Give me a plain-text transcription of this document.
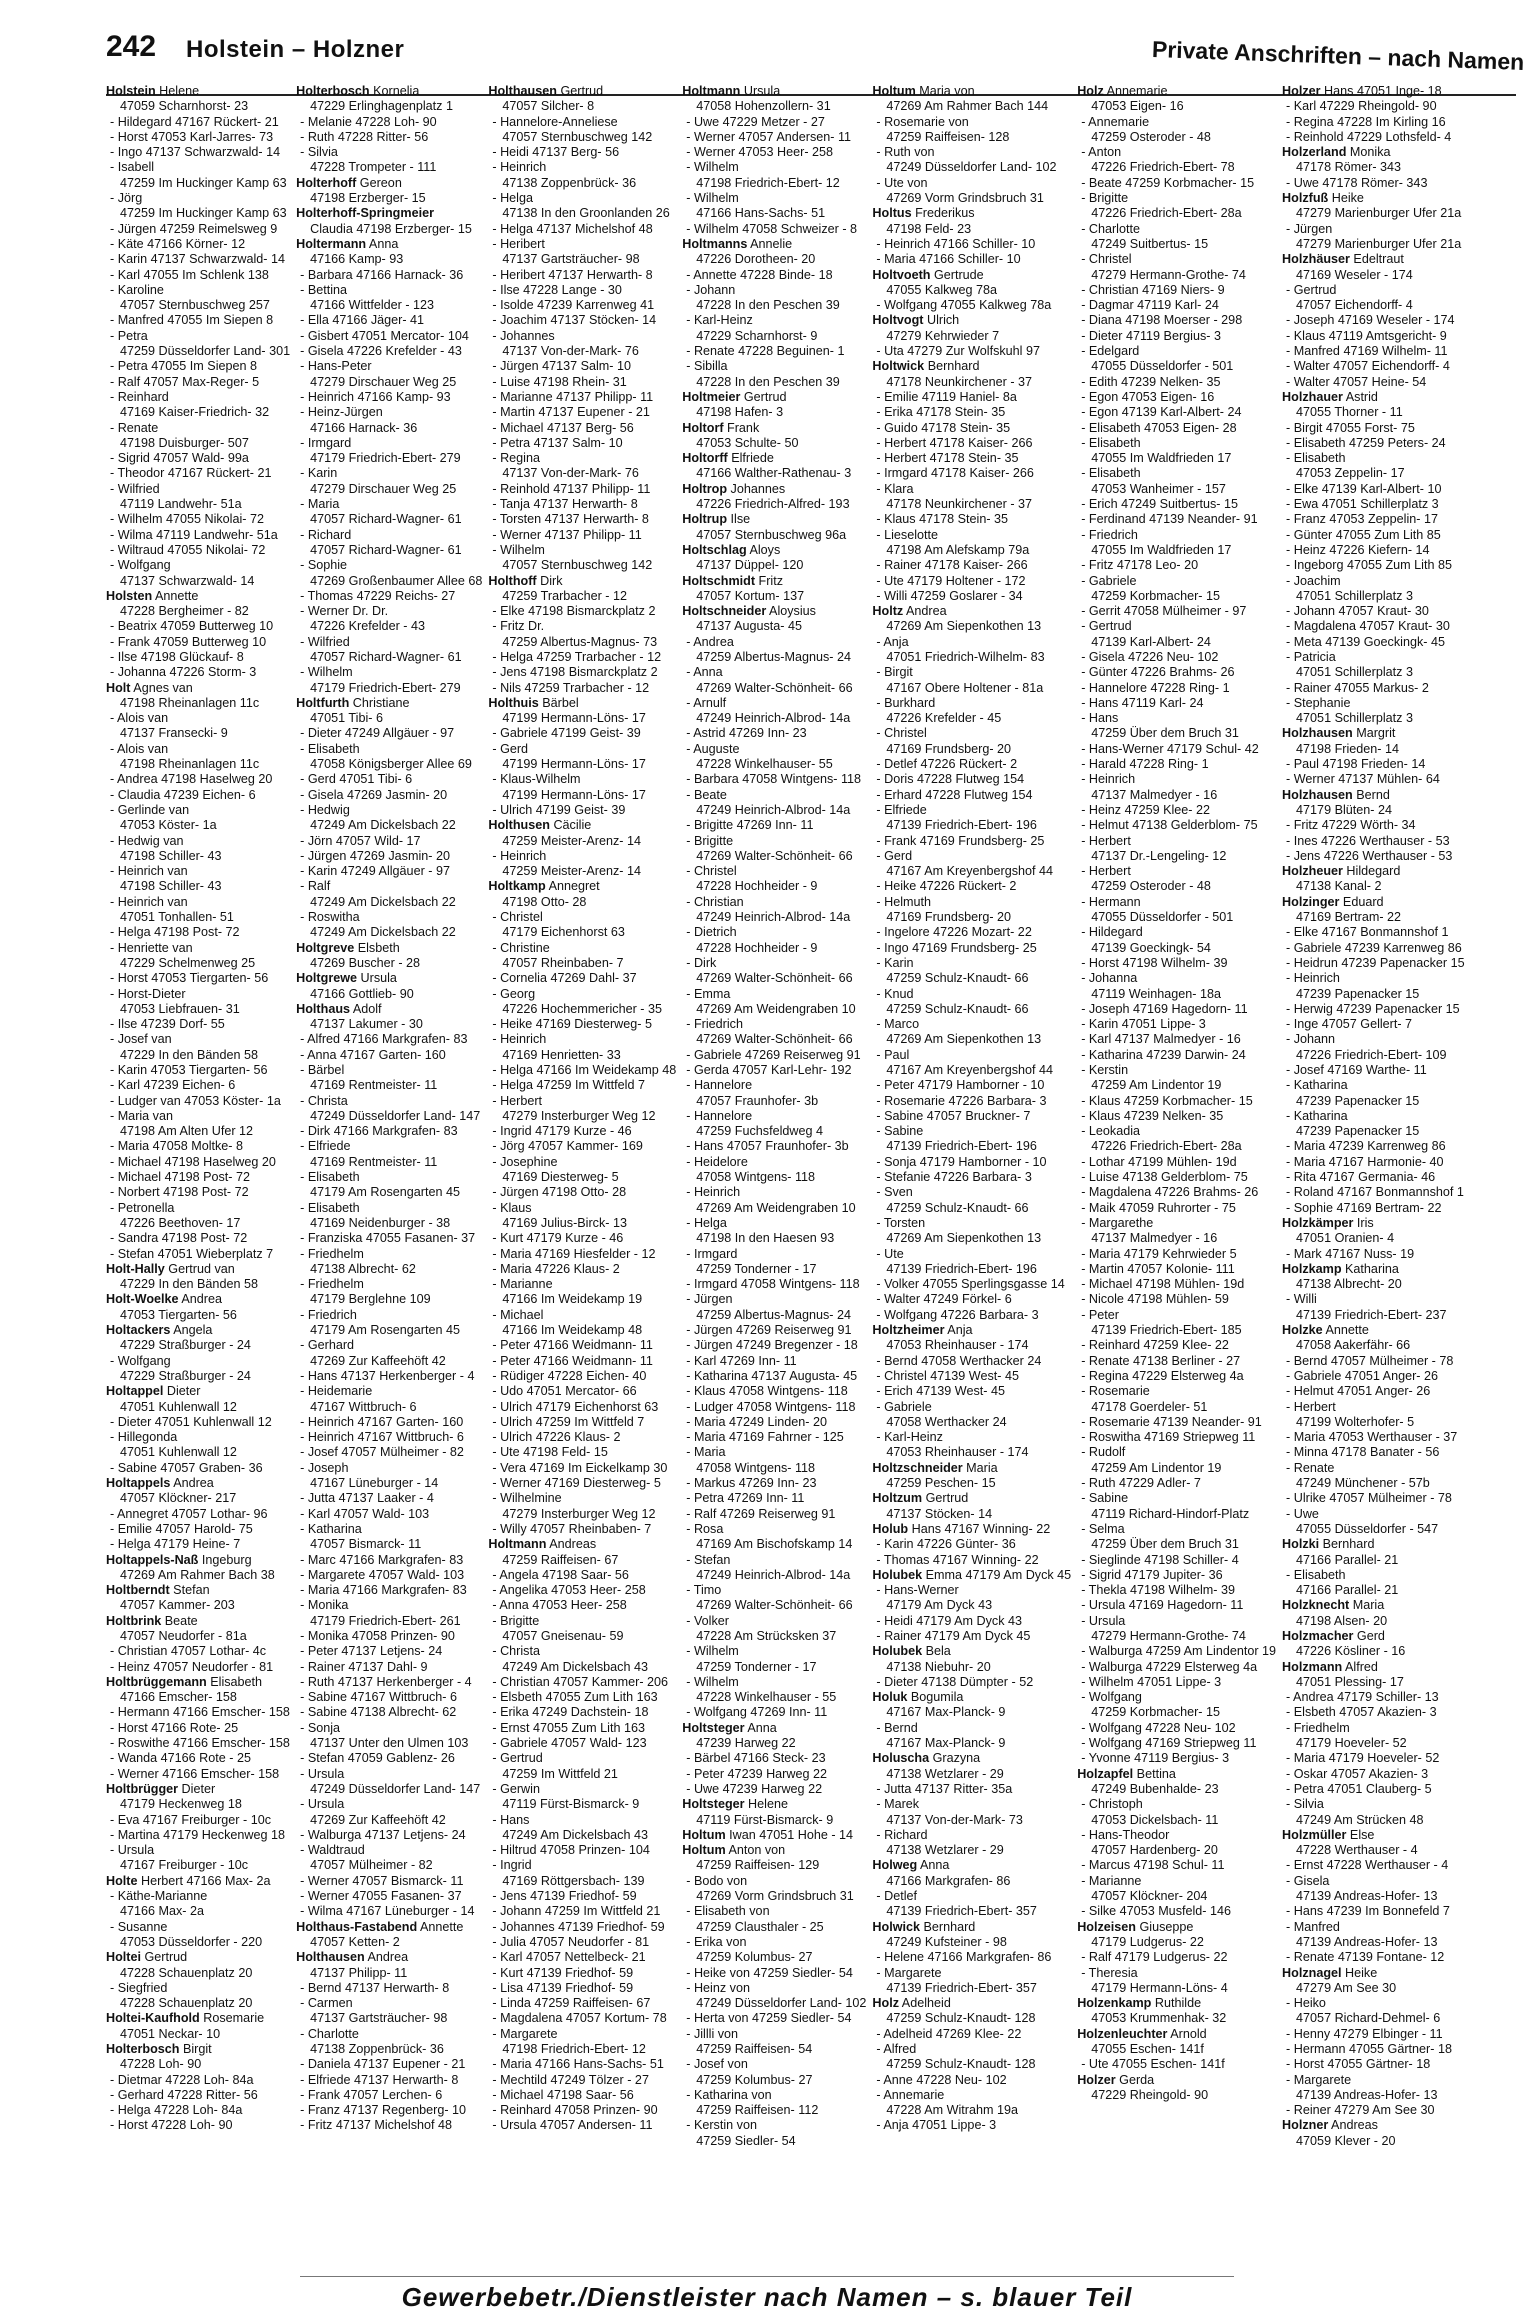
242 Holstein – Holzner	Private Anschriften – nach Namen
Holstein Helene
47059 Scharnhorst- 23
- Hildegard 47167 Rückert- 21
- Horst 47053 Karl-Jarres- 73
- Ingo 47137 Schwarzwald- 14
- Isabell
47259 Im Huckinger Kamp 63
- Jörg
47259 Im Huckinger Kamp 63
- Jürgen 47259 Reimelsweg 9
- Käte 47166 Körner- 12
- Karin 47137 Schwarzwald- 14
- Karl 47055 Im Schlenk 138
- Karoline
47057 Sternbuschweg 257
- Manfred 47055 Im Siepen 8
- Petra
47259 Düsseldorfer Land- 301
- Petra 47055 Im Siepen 8
- Ralf 47057 Max-Reger- 5
- Reinhard
47169 Kaiser-Friedrich- 32
- Renate
47198 Duisburger- 507
- Sigrid 47057 Wald- 99a
- Theodor 47167 Rückert- 21
- Wilfried
47119 Landwehr- 51a
- Wilhelm 47055 Nikolai- 72
- Wilma 47119 Landwehr- 51a
- Wiltraud 47055 Nikolai- 72
- Wolfgang
47137 Schwarzwald- 14
Holsten Annette
47228 Bergheimer - 82
- Beatrix 47059 Butterweg 10
- Frank 47059 Butterweg 10
- Ilse 47198 Glückauf- 8
- Johanna 47226 Storm- 3
Holt Agnes van
47198 Rheinanlagen 11c
- Alois van
47137 Fransecki- 9
- Alois van
47198 Rheinanlagen 11c
- Andrea 47198 Haselweg 20
- Claudia 47239 Eichen- 6
- Gerlinde van
47053 Köster- 1a
- Hedwig van
47198 Schiller- 43
- Heinrich van
47198 Schiller- 43
- Heinrich van
47051 Tonhallen- 51
- Helga 47198 Post- 72
- Henriette van
47229 Schelmenweg 25
- Horst 47053 Tiergarten- 56
- Horst-Dieter
47053 Liebfrauen- 31
- Ilse 47239 Dorf- 55
- Josef van
47229 In den Bänden 58
- Karin 47053 Tiergarten- 56
- Karl 47239 Eichen- 6
- Ludger van 47053 Köster- 1a
- Maria van
47198 Am Alten Ufer 12
- Maria 47058 Moltke- 8
- Michael 47198 Haselweg 20
- Michael 47198 Post- 72
- Norbert 47198 Post- 72
- Petronella
47226 Beethoven- 17
- Sandra 47198 Post- 72
- Stefan 47051 Wieberplatz 7
Holt-Hally Gertrud van
47229 In den Bänden 58
Holt-Woelke Andrea
47053 Tiergarten- 56
Holtackers Angela
47229 Straßburger - 24
- Wolfgang
47229 Straßburger - 24
Holtappel Dieter
47051 Kuhlenwall 12
- Dieter 47051 Kuhlenwall 12
- Hillegonda
47051 Kuhlenwall 12
- Sabine 47057 Graben- 36
Holtappels Andrea
47057 Klöckner- 217
- Annegret 47057 Lothar- 96
- Emilie 47057 Harold- 75
- Helga 47179 Heine- 7
Holtappels-Naß Ingeburg
47269 Am Rahmer Bach 38
Holtberndt Stefan
47057 Kammer- 203
Holtbrink Beate
47057 Neudorfer - 81a
- Christian 47057 Lothar- 4c
- Heinz 47057 Neudorfer - 81
Holtbrüggemann Elisabeth
47166 Emscher- 158
- Hermann 47166 Emscher- 158
- Horst 47166 Rote- 25
- Roswithe 47166 Emscher- 158
- Wanda 47166 Rote - 25
- Werner 47166 Emscher- 158
Holtbrügger Dieter
47179 Heckenweg 18
- Eva 47167 Freiburger - 10c
- Martina 47179 Heckenweg 18
- Ursula
47167 Freiburger - 10c
Holte Herbert 47166 Max- 2a
- Käthe-Marianne
47166 Max- 2a
- Susanne
47053 Düsseldorfer - 220
Holtei Gertrud
47228 Schauenplatz 20
- Siegfried
47228 Schauenplatz 20
Holtei-Kaufhold Rosemarie
47051 Neckar- 10
Holterbosch Birgit
47228 Loh- 90
- Dietmar 47228 Loh- 84a
- Gerhard 47228 Ritter- 56
- Helga 47228 Loh- 84a
- Horst 47228 Loh- 90
Holterbosch Kornelia
47229 Erlinghagenplatz 1
- Melanie 47228 Loh- 90
- Ruth 47228 Ritter- 56
- Silvia
47228 Trompeter - 111
Holterhoff Gereon
47198 Erzberger- 15
Holterhoff-Springmeier
Claudia 47198 Erzberger- 15
Holtermann Anna
47166 Kamp- 93
- Barbara 47166 Harnack- 36
- Bettina
47166 Wittfelder - 123
- Ella 47166 Jäger- 41
- Gisbert 47051 Mercator- 104
- Gisela 47226 Krefelder - 43
- Hans-Peter
47279 Dirschauer Weg 25
- Heinrich 47166 Kamp- 93
- Heinz-Jürgen
47166 Harnack- 36
- Irmgard
47179 Friedrich-Ebert- 279
- Karin
47279 Dirschauer Weg 25
- Maria
47057 Richard-Wagner- 61
- Richard
47057 Richard-Wagner- 61
- Sophie
47269 Großenbaumer Allee 68
- Thomas 47229 Reichs- 27
- Werner Dr. Dr.
47226 Krefelder - 43
- Wilfried
47057 Richard-Wagner- 61
- Wilhelm
47179 Friedrich-Ebert- 279
Holtfurth Christiane
47051 Tibi- 6
- Dieter 47249 Allgäuer - 97
- Elisabeth
47058 Königsberger Allee 69
- Gerd 47051 Tibi- 6
- Gisela 47269 Jasmin- 20
- Hedwig
47249 Am Dickelsbach 22
- Jörn 47057 Wild- 17
- Jürgen 47269 Jasmin- 20
- Karin 47249 Allgäuer - 97
- Ralf
47249 Am Dickelsbach 22
- Roswitha
47249 Am Dickelsbach 22
Holtgreve Elsbeth
47269 Buscher - 28
Holtgrewe Ursula
47166 Gottlieb- 90
Holthaus Adolf
47137 Lakumer - 30
- Alfred 47166 Markgrafen- 83
- Anna 47167 Garten- 160
- Bärbel
47169 Rentmeister- 11
- Christa
47249 Düsseldorfer Land- 147
- Dirk 47166 Markgrafen- 83
- Elfriede
47169 Rentmeister- 11
- Elisabeth
47179 Am Rosengarten 45
- Elisabeth
47169 Neidenburger - 38
- Franziska 47055 Fasanen- 37
- Friedhelm
47138 Albrecht- 62
- Friedhelm
47179 Berglehne 109
- Friedrich
47179 Am Rosengarten 45
- Gerhard
47269 Zur Kaffeehöft 42
- Hans 47137 Herkenberger - 4
- Heidemarie
47167 Wittbruch- 6
- Heinrich 47167 Garten- 160
- Heinrich 47167 Wittbruch- 6
- Josef 47057 Mülheimer - 82
- Joseph
47167 Lüneburger - 14
- Jutta 47137 Laaker - 4
- Karl 47057 Wald- 103
- Katharina
47057 Bismarck- 11
- Marc 47166 Markgrafen- 83
- Margarete 47057 Wald- 103
- Maria 47166 Markgrafen- 83
- Monika
47179 Friedrich-Ebert- 261
- Monika 47058 Prinzen- 90
- Peter 47137 Letjens- 24
- Rainer 47137 Dahl- 9
- Ruth 47137 Herkenberger - 4
- Sabine 47167 Wittbruch- 6
- Sabine 47138 Albrecht- 62
- Sonja
47137 Unter den Ulmen 103
- Stefan 47059 Gablenz- 26
- Ursula
47249 Düsseldorfer Land- 147
- Ursula
47269 Zur Kaffeehöft 42
- Walburga 47137 Letjens- 24
- Waldtraud
47057 Mülheimer - 82
- Werner 47057 Bismarck- 11
- Werner 47055 Fasanen- 37
- Wilma 47167 Lüneburger - 14
Holthaus-Fastabend Annette
47057 Ketten- 2
Holthausen Andrea
47137 Philipp- 11
- Bernd 47137 Herwarth- 8
- Carmen
47137 Gartsträucher- 98
- Charlotte
47138 Zoppenbrück- 36
- Daniela 47137 Eupener - 21
- Elfriede 47137 Herwarth- 8
- Frank 47057 Lerchen- 6
- Franz 47137 Regenberg- 10
- Fritz 47137 Michelshof 48
Holthausen Gertrud
47057 Silcher- 8
- Hannelore-Anneliese
47057 Sternbuschweg 142
- Heidi 47137 Berg- 56
- Heinrich
47138 Zoppenbrück- 36
- Helga
47138 In den Groonlanden 26
- Helga 47137 Michelshof 48
- Heribert
47137 Gartsträucher- 98
- Heribert 47137 Herwarth- 8
- Ilse 47228 Lange - 30
- Isolde 47239 Karrenweg 41
- Joachim 47137 Stöcken- 14
- Johannes
47137 Von-der-Mark- 76
- Jürgen 47137 Salm- 10
- Luise 47198 Rhein- 31
- Marianne 47137 Philipp- 11
- Martin 47137 Eupener - 21
- Michael 47137 Berg- 56
- Petra 47137 Salm- 10
- Regina
47137 Von-der-Mark- 76
- Reinhold 47137 Philipp- 11
- Tanja 47137 Herwarth- 8
- Torsten 47137 Herwarth- 8
- Werner 47137 Philipp- 11
- Wilhelm
47057 Sternbuschweg 142
Holthoff Dirk
47259 Trarbacher - 12
- Elke 47198 Bismarckplatz 2
- Fritz Dr.
47259 Albertus-Magnus- 73
- Helga 47259 Trarbacher - 12
- Jens 47198 Bismarckplatz 2
- Nils 47259 Trarbacher - 12
Holthuis Bärbel
47199 Hermann-Löns- 17
- Gabriele 47199 Geist- 39
- Gerd
47199 Hermann-Löns- 17
- Klaus-Wilhelm
47199 Hermann-Löns- 17
- Ulrich 47199 Geist- 39
Holthusen Cäcilie
47259 Meister-Arenz- 14
- Heinrich
47259 Meister-Arenz- 14
Holtkamp Annegret
47198 Otto- 28
- Christel
47179 Eichenhorst 63
- Christine
47057 Rheinbaben- 7
- Cornelia 47269 Dahl- 37
- Georg
47226 Hochemmericher - 35
- Heike 47169 Diesterweg- 5
- Heinrich
47169 Henrietten- 33
- Helga 47166 Im Weidekamp 48
- Helga 47259 Im Wittfeld 7
- Herbert
47279 Insterburger Weg 12
- Ingrid 47179 Kurze - 46
- Jörg 47057 Kammer- 169
- Josephine
47169 Diesterweg- 5
- Jürgen 47198 Otto- 28
- Klaus
47169 Julius-Birck- 13
- Kurt 47179 Kurze - 46
- Maria 47169 Hiesfelder - 12
- Maria 47226 Klaus- 2
- Marianne
47166 Im Weidekamp 19
- Michael
47166 Im Weidekamp 48
- Peter 47166 Weidmann- 11
- Peter 47166 Weidmann- 11
- Rüdiger 47228 Eichen- 40
- Udo 47051 Mercator- 66
- Ulrich 47179 Eichenhorst 63
- Ulrich 47259 Im Wittfeld 7
- Ulrich 47226 Klaus- 2
- Ute 47198 Feld- 15
- Vera 47169 Im Eickelkamp 30
- Werner 47169 Diesterweg- 5
- Wilhelmine
47279 Insterburger Weg 12
- Willy 47057 Rheinbaben- 7
Holtmann Andreas
47259 Raiffeisen- 67
- Angela 47198 Saar- 56
- Angelika 47053 Heer- 258
- Anna 47053 Heer- 258
- Brigitte
47057 Gneisenau- 59
- Christa
47249 Am Dickelsbach 43
- Christian 47057 Kammer- 206
- Elsbeth 47055 Zum Lith 163
- Erika 47249 Dachstein- 18
- Ernst 47055 Zum Lith 163
- Gabriele 47057 Wald- 123
- Gertrud
47259 Im Wittfeld 21
- Gerwin
47119 Fürst-Bismarck- 9
- Hans
47249 Am Dickelsbach 43
- Hiltrud 47058 Prinzen- 104
- Ingrid
47169 Röttgersbach- 139
- Jens 47139 Friedhof- 59
- Johann 47259 Im Wittfeld 21
- Johannes 47139 Friedhof- 59
- Julia 47057 Neudorfer - 81
- Karl 47057 Nettelbeck- 21
- Kurt 47139 Friedhof- 59
- Lisa 47139 Friedhof- 59
- Linda 47259 Raiffeisen- 67
- Magdalena 47057 Kortum- 78
- Margarete
47198 Friedrich-Ebert- 12
- Maria 47166 Hans-Sachs- 51
- Mechtild 47249 Tölzer - 27
- Michael 47198 Saar- 56
- Reinhard 47058 Prinzen- 90
- Ursula 47057 Andersen- 11
Holtmann Ursula
47058 Hohenzollern- 31
- Uwe 47229 Metzer - 27
- Werner 47057 Andersen- 11
- Werner 47053 Heer- 258
- Wilhelm
47198 Friedrich-Ebert- 12
- Wilhelm
47166 Hans-Sachs- 51
- Wilhelm 47058 Schweizer - 8
Holtmanns Annelie
47226 Dorotheen- 20
- Annette 47228 Binde- 18
- Johann
47228 In den Peschen 39
- Karl-Heinz
47229 Scharnhorst- 9
- Renate 47228 Beguinen- 1
- Sibilla
47228 In den Peschen 39
Holtmeier Gertrud
47198 Hafen- 3
Holtorf Frank
47053 Schulte- 50
Holtorff Elfriede
47166 Walther-Rathenau- 3
Holtrop Johannes
47226 Friedrich-Alfred- 193
Holtrup Ilse
47057 Sternbuschweg 96a
Holtschlag Aloys
47137 Düppel- 120
Holtschmidt Fritz
47057 Kortum- 137
Holtschneider Aloysius
47137 Augusta- 45
- Andrea
47259 Albertus-Magnus- 24
- Anna
47269 Walter-Schönheit- 66
- Arnulf
47249 Heinrich-Albrod- 14a
- Astrid 47269 Inn- 23
- Auguste
47228 Winkelhauser- 55
- Barbara 47058 Wintgens- 118
- Beate
47249 Heinrich-Albrod- 14a
- Brigitte 47269 Inn- 11
- Brigitte
47269 Walter-Schönheit- 66
- Christel
47228 Hochheider - 9
- Christian
47249 Heinrich-Albrod- 14a
- Dietrich
47228 Hochheider - 9
- Dirk
47269 Walter-Schönheit- 66
- Emma
47269 Am Weidengraben 10
- Friedrich
47269 Walter-Schönheit- 66
- Gabriele 47269 Reiserweg 91
- Gerda 47057 Karl-Lehr- 192
- Hannelore
47057 Fraunhofer- 3b
- Hannelore
47259 Fuchsfeldweg 4
- Hans 47057 Fraunhofer- 3b
- Heidelore
47058 Wintgens- 118
- Heinrich
47269 Am Weidengraben 10
- Helga
47198 In den Haesen 93
- Irmgard
47259 Tonderner - 17
- Irmgard 47058 Wintgens- 118
- Jürgen
47259 Albertus-Magnus- 24
- Jürgen 47269 Reiserweg 91
- Jürgen 47249 Bregenzer - 18
- Karl 47269 Inn- 11
- Katharina 47137 Augusta- 45
- Klaus 47058 Wintgens- 118
- Ludger 47058 Wintgens- 118
- Maria 47249 Linden- 20
- Maria 47169 Fahrner - 125
- Maria
47058 Wintgens- 118
- Markus 47269 Inn- 23
- Petra 47269 Inn- 11
- Ralf 47269 Reiserweg 91
- Rosa
47169 Am Bischofskamp 14
- Stefan
47249 Heinrich-Albrod- 14a
- Timo
47269 Walter-Schönheit- 66
- Volker
47228 Am Strücksken 37
- Wilhelm
47259 Tonderner - 17
- Wilhelm
47228 Winkelhauser - 55
- Wolfgang 47269 Inn- 11
Holtsteger Anna
47239 Harweg 22
- Bärbel 47166 Steck- 23
- Peter 47239 Harweg 22
- Uwe 47239 Harweg 22
Holtsteger Helene
47119 Fürst-Bismarck- 9
Holtum Iwan 47051 Hohe - 14
Holtum Anton von
47259 Raiffeisen- 129
- Bodo von
47269 Vorm Grindsbruch 31
- Elisabeth von
47259 Clausthaler - 25
- Erika von
47259 Kolumbus- 27
- Heike von 47259 Siedler- 54
- Heinz von
47249 Düsseldorfer Land- 102
- Herta von 47259 Siedler- 54
- Jillli von
47259 Raiffeisen- 54
- Josef von
47259 Kolumbus- 27
- Katharina von
47259 Raiffeisen- 112
- Kerstin von
47259 Siedler- 54
Holtum Maria von
47269 Am Rahmer Bach 144
- Rosemarie von
47259 Raiffeisen- 128
- Ruth von
47249 Düsseldorfer Land- 102
- Ute von
47269 Vorm Grindsbruch 31
Holtus Frederikus
47198 Feld- 23
- Heinrich 47166 Schiller- 10
- Maria 47166 Schiller- 10
Holtvoeth Gertrude
47055 Kalkweg 78a
- Wolfgang 47055 Kalkweg 78a
Holtvogt Ulrich
47279 Kehrwieder 7
- Uta 47279 Zur Wolfskuhl 97
Holtwick Bernhard
47178 Neunkirchener - 37
- Emilie 47119 Haniel- 8a
- Erika 47178 Stein- 35
- Guido 47178 Stein- 35
- Herbert 47178 Kaiser- 266
- Herbert 47178 Stein- 35
- Irmgard 47178 Kaiser- 266
- Klara
47178 Neunkirchener - 37
- Klaus 47178 Stein- 35
- Lieselotte
47198 Am Alefskamp 79a
- Rainer 47178 Kaiser- 266
- Ute 47179 Holtener - 172
- Willi 47259 Goslarer - 34
Holtz Andrea
47269 Am Siepenkothen 13
- Anja
47051 Friedrich-Wilhelm- 83
- Birgit
47167 Obere Holtener - 81a
- Burkhard
47226 Krefelder - 45
- Christel
47169 Frundsberg- 20
- Detlef 47226 Rückert- 2
- Doris 47228 Flutweg 154
- Erhard 47228 Flutweg 154
- Elfriede
47139 Friedrich-Ebert- 196
- Frank 47169 Frundsberg- 25
- Gerd
47167 Am Kreyenbergshof 44
- Heike 47226 Rückert- 2
- Helmuth
47169 Frundsberg- 20
- Ingelore 47226 Mozart- 22
- Ingo 47169 Frundsberg- 25
- Karin
47259 Schulz-Knaudt- 66
- Knud
47259 Schulz-Knaudt- 66
- Marco
47269 Am Siepenkothen 13
- Paul
47167 Am Kreyenbergshof 44
- Peter 47179 Hamborner - 10
- Rosemarie 47226 Barbara- 3
- Sabine 47057 Bruckner- 7
- Sabine
47139 Friedrich-Ebert- 196
- Sonja 47179 Hamborner - 10
- Stefanie 47226 Barbara- 3
- Sven
47259 Schulz-Knaudt- 66
- Torsten
47269 Am Siepenkothen 13
- Ute
47139 Friedrich-Ebert- 196
- Volker 47055 Sperlingsgasse 14
- Walter 47249 Förkel- 6
- Wolfgang 47226 Barbara- 3
Holtzheimer Anja
47053 Rheinhauser - 174
- Bernd 47058 Werthacker 24
- Christel 47139 West- 45
- Erich 47139 West- 45
- Gabriele
47058 Werthacker 24
- Karl-Heinz
47053 Rheinhauser - 174
Holtzschneider Maria
47259 Peschen- 15
Holtzum Gertrud
47137 Stöcken- 14
Holub Hans 47167 Winning- 22
- Karin 47226 Günter- 36
- Thomas 47167 Winning- 22
Holubek Emma 47179 Am Dyck 45
- Hans-Werner
47179 Am Dyck 43
- Heidi 47179 Am Dyck 43
- Rainer 47179 Am Dyck 45
Holubek Bela
47138 Niebuhr- 20
- Dieter 47138 Dümpter - 52
Holuk Bogumila
47167 Max-Planck- 9
- Bernd
47167 Max-Planck- 9
Holuscha Grazyna
47138 Wetzlarer - 29
- Jutta 47137 Ritter- 35a
- Marek
47137 Von-der-Mark- 73
- Richard
47138 Wetzlarer - 29
Holweg Anna
47166 Markgrafen- 86
- Detlef
47139 Friedrich-Ebert- 357
Holwick Bernhard
47249 Kufsteiner - 98
- Helene 47166 Markgrafen- 86
- Margarete
47139 Friedrich-Ebert- 357
Holz Adelheid
47259 Schulz-Knaudt- 128
- Adelheid 47269 Klee- 22
- Alfred
47259 Schulz-Knaudt- 128
- Anne 47228 Neu- 102
- Annemarie
47228 Am Witrahm 19a
- Anja 47051 Lippe- 3
Holz Annemarie
47053 Eigen- 16
- Annemarie
47259 Osteroder - 48
- Anton
47226 Friedrich-Ebert- 78
- Beate 47259 Korbmacher- 15
- Brigitte
47226 Friedrich-Ebert- 28a
- Charlotte
47249 Suitbertus- 15
- Christel
47279 Hermann-Grothe- 74
- Christian 47169 Niers- 9
- Dagmar 47119 Karl- 24
- Diana 47198 Moerser - 298
- Dieter 47119 Bergius- 3
- Edelgard
47055 Düsseldorfer - 501
- Edith 47239 Nelken- 35
- Egon 47053 Eigen- 16
- Egon 47139 Karl-Albert- 24
- Elisabeth 47053 Eigen- 28
- Elisabeth
47055 Im Waldfrieden 17
- Elisabeth
47053 Wanheimer - 157
- Erich 47249 Suitbertus- 15
- Ferdinand 47139 Neander- 91
- Friedrich
47055 Im Waldfrieden 17
- Fritz 47178 Leo- 20
- Gabriele
47259 Korbmacher- 15
- Gerrit 47058 Mülheimer - 97
- Gertrud
47139 Karl-Albert- 24
- Gisela 47226 Neu- 102
- Günter 47226 Brahms- 26
- Hannelore 47228 Ring- 1
- Hans 47119 Karl- 24
- Hans
47259 Über dem Bruch 31
- Hans-Werner 47179 Schul- 42
- Harald 47228 Ring- 1
- Heinrich
47137 Malmedyer - 16
- Heinz 47259 Klee- 22
- Helmut 47138 Gelderblom- 75
- Herbert
47137 Dr.-Lengeling- 12
- Herbert
47259 Osteroder - 48
- Hermann
47055 Düsseldorfer - 501
- Hildegard
47139 Goeckingk- 54
- Horst 47198 Wilhelm- 39
- Johanna
47119 Weinhagen- 18a
- Joseph 47169 Hagedorn- 11
- Karin 47051 Lippe- 3
- Karl 47137 Malmedyer - 16
- Katharina 47239 Darwin- 24
- Kerstin
47259 Am Lindentor 19
- Klaus 47259 Korbmacher- 15
- Klaus 47239 Nelken- 35
- Leokadia
47226 Friedrich-Ebert- 28a
- Lothar 47199 Mühlen- 19d
- Luise 47138 Gelderblom- 75
- Magdalena 47226 Brahms- 26
- Maik 47059 Ruhrorter - 75
- Margarethe
47137 Malmedyer - 16
- Maria 47179 Kehrwieder 5
- Martin 47057 Kolonie- 111
- Michael 47198 Mühlen- 19d
- Nicole 47198 Mühlen- 59
- Peter
47139 Friedrich-Ebert- 185
- Reinhard 47259 Klee- 22
- Renate 47138 Berliner - 27
- Regina 47229 Elsterweg 4a
- Rosemarie
47178 Goerdeler- 51
- Rosemarie 47139 Neander- 91
- Roswitha 47169 Striepweg 11
- Rudolf
47259 Am Lindentor 19
- Ruth 47229 Adler- 7
- Sabine
47119 Richard-Hindorf-Platz
- Selma
47259 Über dem Bruch 31
- Sieglinde 47198 Schiller- 4
- Sigrid 47179 Jupiter- 36
- Thekla 47198 Wilhelm- 39
- Ursula 47169 Hagedorn- 11
- Ursula
47279 Hermann-Grothe- 74
- Walburga 47259 Am Lindentor 19
- Walburga 47229 Elsterweg 4a
- Wilhelm 47051 Lippe- 3
- Wolfgang
47259 Korbmacher- 15
- Wolfgang 47228 Neu- 102
- Wolfgang 47169 Striepweg 11
- Yvonne 47119 Bergius- 3
Holzapfel Bettina
47249 Bubenhalde- 23
- Christoph
47053 Dickelsbach- 11
- Hans-Theodor
47057 Hardenberg- 20
- Marcus 47198 Schul- 11
- Marianne
47057 Klöckner- 204
- Silke 47053 Musfeld- 146
Holzeisen Giuseppe
47179 Ludgerus- 22
- Ralf 47179 Ludgerus- 22
- Theresia
47179 Hermann-Löns- 4
Holzenkamp Ruthilde
47053 Krummenhak- 32
Holzenleuchter Arnold
47055 Eschen- 141f
- Ute 47055 Eschen- 141f
Holzer Gerda
47229 Rheingold- 90
Holzer Hans 47051 Inge- 18
- Karl 47229 Rheingold- 90
- Regina 47228 Im Kirling 16
- Reinhold 47229 Lothsfeld- 4
Holzerland Monika
47178 Römer- 343
- Uwe 47178 Römer- 343
Holzfuß Heike
47279 Marienburger Ufer 21a
- Jürgen
47279 Marienburger Ufer 21a
Holzhäuser Edeltraut
47169 Weseler - 174
- Gertrud
47057 Eichendorff- 4
- Joseph 47169 Weseler - 174
- Klaus 47119 Amtsgericht- 9
- Manfred 47169 Wilhelm- 11
- Walter 47057 Eichendorff- 4
- Walter 47057 Heine- 54
Holzhauer Astrid
47055 Thorner - 11
- Birgit 47055 Forst- 75
- Elisabeth 47259 Peters- 24
- Elisabeth
47053 Zeppelin- 17
- Elke 47139 Karl-Albert- 10
- Ewa 47051 Schillerplatz 3
- Franz 47053 Zeppelin- 17
- Günter 47055 Zum Lith 85
- Heinz 47226 Kiefern- 14
- Ingeborg 47055 Zum Lith 85
- Joachim
47051 Schillerplatz 3
- Johann 47057 Kraut- 30
- Magdalena 47057 Kraut- 30
- Meta 47139 Goeckingk- 45
- Patricia
47051 Schillerplatz 3
- Rainer 47055 Markus- 2
- Stephanie
47051 Schillerplatz 3
Holzhausen Margrit
47198 Frieden- 14
- Paul 47198 Frieden- 14
- Werner 47137 Mühlen- 64
Holzhausen Bernd
47179 Blüten- 24
- Fritz 47229 Wörth- 34
- Ines 47226 Werthauser - 53
- Jens 47226 Werthauser - 53
Holzheuer Hildegard
47138 Kanal- 2
Holzinger Eduard
47169 Bertram- 22
- Elke 47167 Bonmannshof 1
- Gabriele 47239 Karrenweg 86
- Heidrun 47239 Papenacker 15
- Heinrich
47239 Papenacker 15
- Herwig 47239 Papenacker 15
- Inge 47057 Gellert- 7
- Johann
47226 Friedrich-Ebert- 109
- Josef 47169 Warthe- 11
- Katharina
47239 Papenacker 15
- Katharina
47239 Papenacker 15
- Maria 47239 Karrenweg 86
- Maria 47167 Harmonie- 40
- Rita 47167 Germania- 46
- Roland 47167 Bonmannshof 1
- Sophie 47169 Bertram- 22
Holzkämper Iris
47051 Oranien- 4
- Mark 47167 Nuss- 19
Holzkamp Katharina
47138 Albrecht- 20
- Willi
47139 Friedrich-Ebert- 237
Holzke Annette
47058 Aakerfähr- 66
- Bernd 47057 Mülheimer - 78
- Gabriele 47051 Anger- 26
- Helmut 47051 Anger- 26
- Herbert
47199 Wolterhofer- 5
- Maria 47053 Werthauser - 37
- Minna 47178 Banater - 56
- Renate
47249 Münchener - 57b
- Ulrike 47057 Mülheimer - 78
- Uwe
47055 Düsseldorfer - 547
Holzki Bernhard
47166 Parallel- 21
- Elisabeth
47166 Parallel- 21
Holzknecht Maria
47198 Alsen- 20
Holzmacher Gerd
47226 Kösliner - 16
Holzmann Alfred
47051 Plessing- 17
- Andrea 47179 Schiller- 13
- Elsbeth 47057 Akazien- 3
- Friedhelm
47179 Hoeveler- 52
- Maria 47179 Hoeveler- 52
- Oskar 47057 Akazien- 3
- Petra 47051 Clauberg- 5
- Silvia
47249 Am Strücken 48
Holzmüller Else
47228 Werthauser - 4
- Ernst 47228 Werthauser - 4
- Gisela
47139 Andreas-Hofer- 13
- Hans 47239 Im Bonnefeld 7
- Manfred
47139 Andreas-Hofer- 13
- Renate 47139 Fontane- 12
Holznagel Heike
47279 Am See 30
- Heiko
47057 Richard-Dehmel- 6
- Henny 47279 Elbinger - 11
- Hermann 47055 Gärtner- 18
- Horst 47055 Gärtner- 18
- Margarete
47139 Andreas-Hofer- 13
- Reiner 47279 Am See 30
Holzner Andreas
47059 Klever - 20
Gewerbebetr./Dienstleister nach Namen – s. blauer Teil
